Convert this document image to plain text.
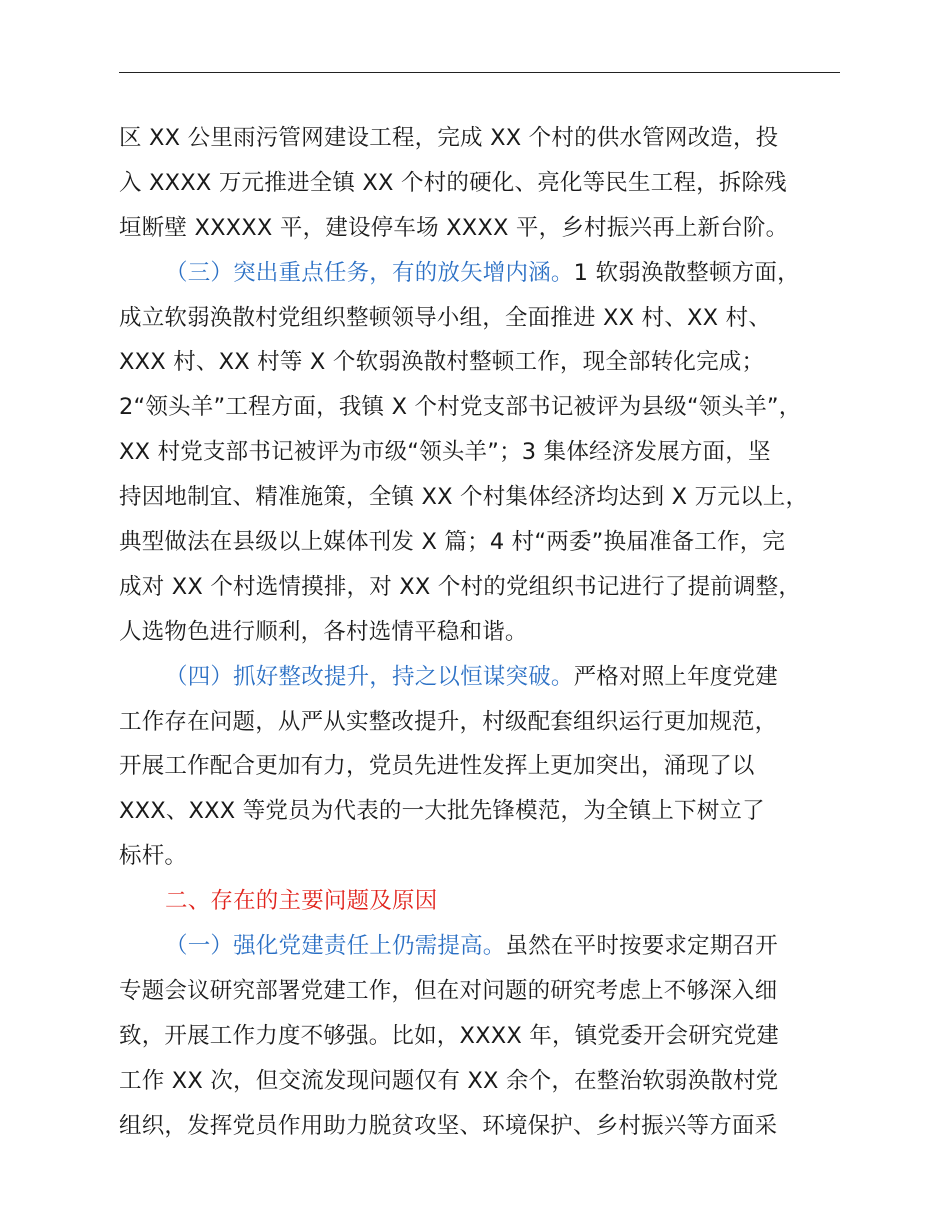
区 XX 公里雨污管网建设工程，完成 XX 个村的供水管网改造，投
入 XXXX 万元推进全镇 XX 个村的硬化、亮化等民生工程，拆除残
垣断壁 XXXXX 平，建设停车场 XXXX 平，乡村振兴再上新台阶。
（三）突出重点任务，有的放矢增内涵。1 软弱涣散整顿方面，
成立软弱涣散村党组织整顿领导小组，全面推进 XX 村、XX 村、
XXX 村、XX 村等 X 个软弱涣散村整顿工作，现全部转化完成；
2“领头羊”工程方面，我镇 X 个村党支部书记被评为县级“领头羊”，
XX 村党支部书记被评为市级“领头羊”；3 集体经济发展方面，坚
持因地制宜、精准施策，全镇 XX 个村集体经济均达到 X 万元以上，
典型做法在县级以上媒体刊发 X 篇；4 村“两委”换届准备工作，完
成对 XX 个村选情摸排，对 XX 个村的党组织书记进行了提前调整，
人选物色进行顺利，各村选情平稳和谐。
（四）抓好整改提升，持之以恒谋突破。严格对照上年度党建
工作存在问题，从严从实整改提升，村级配套组织运行更加规范，
开展工作配合更加有力，党员先进性发挥上更加突出，涌现了以
XXX、XXX 等党员为代表的一大批先锋模范，为全镇上下树立了
标杆。
二、存在的主要问题及原因
（一）强化党建责任上仍需提高。虽然在平时按要求定期召开
专题会议研究部署党建工作，但在对问题的研究考虑上不够深入细
致，开展工作力度不够强。比如，XXXX 年，镇党委开会研究党建
工作 XX 次，但交流发现问题仅有 XX 余个，在整治软弱涣散村党
组织，发挥党员作用助力脱贫攻坚、环境保护、乡村振兴等方面采
